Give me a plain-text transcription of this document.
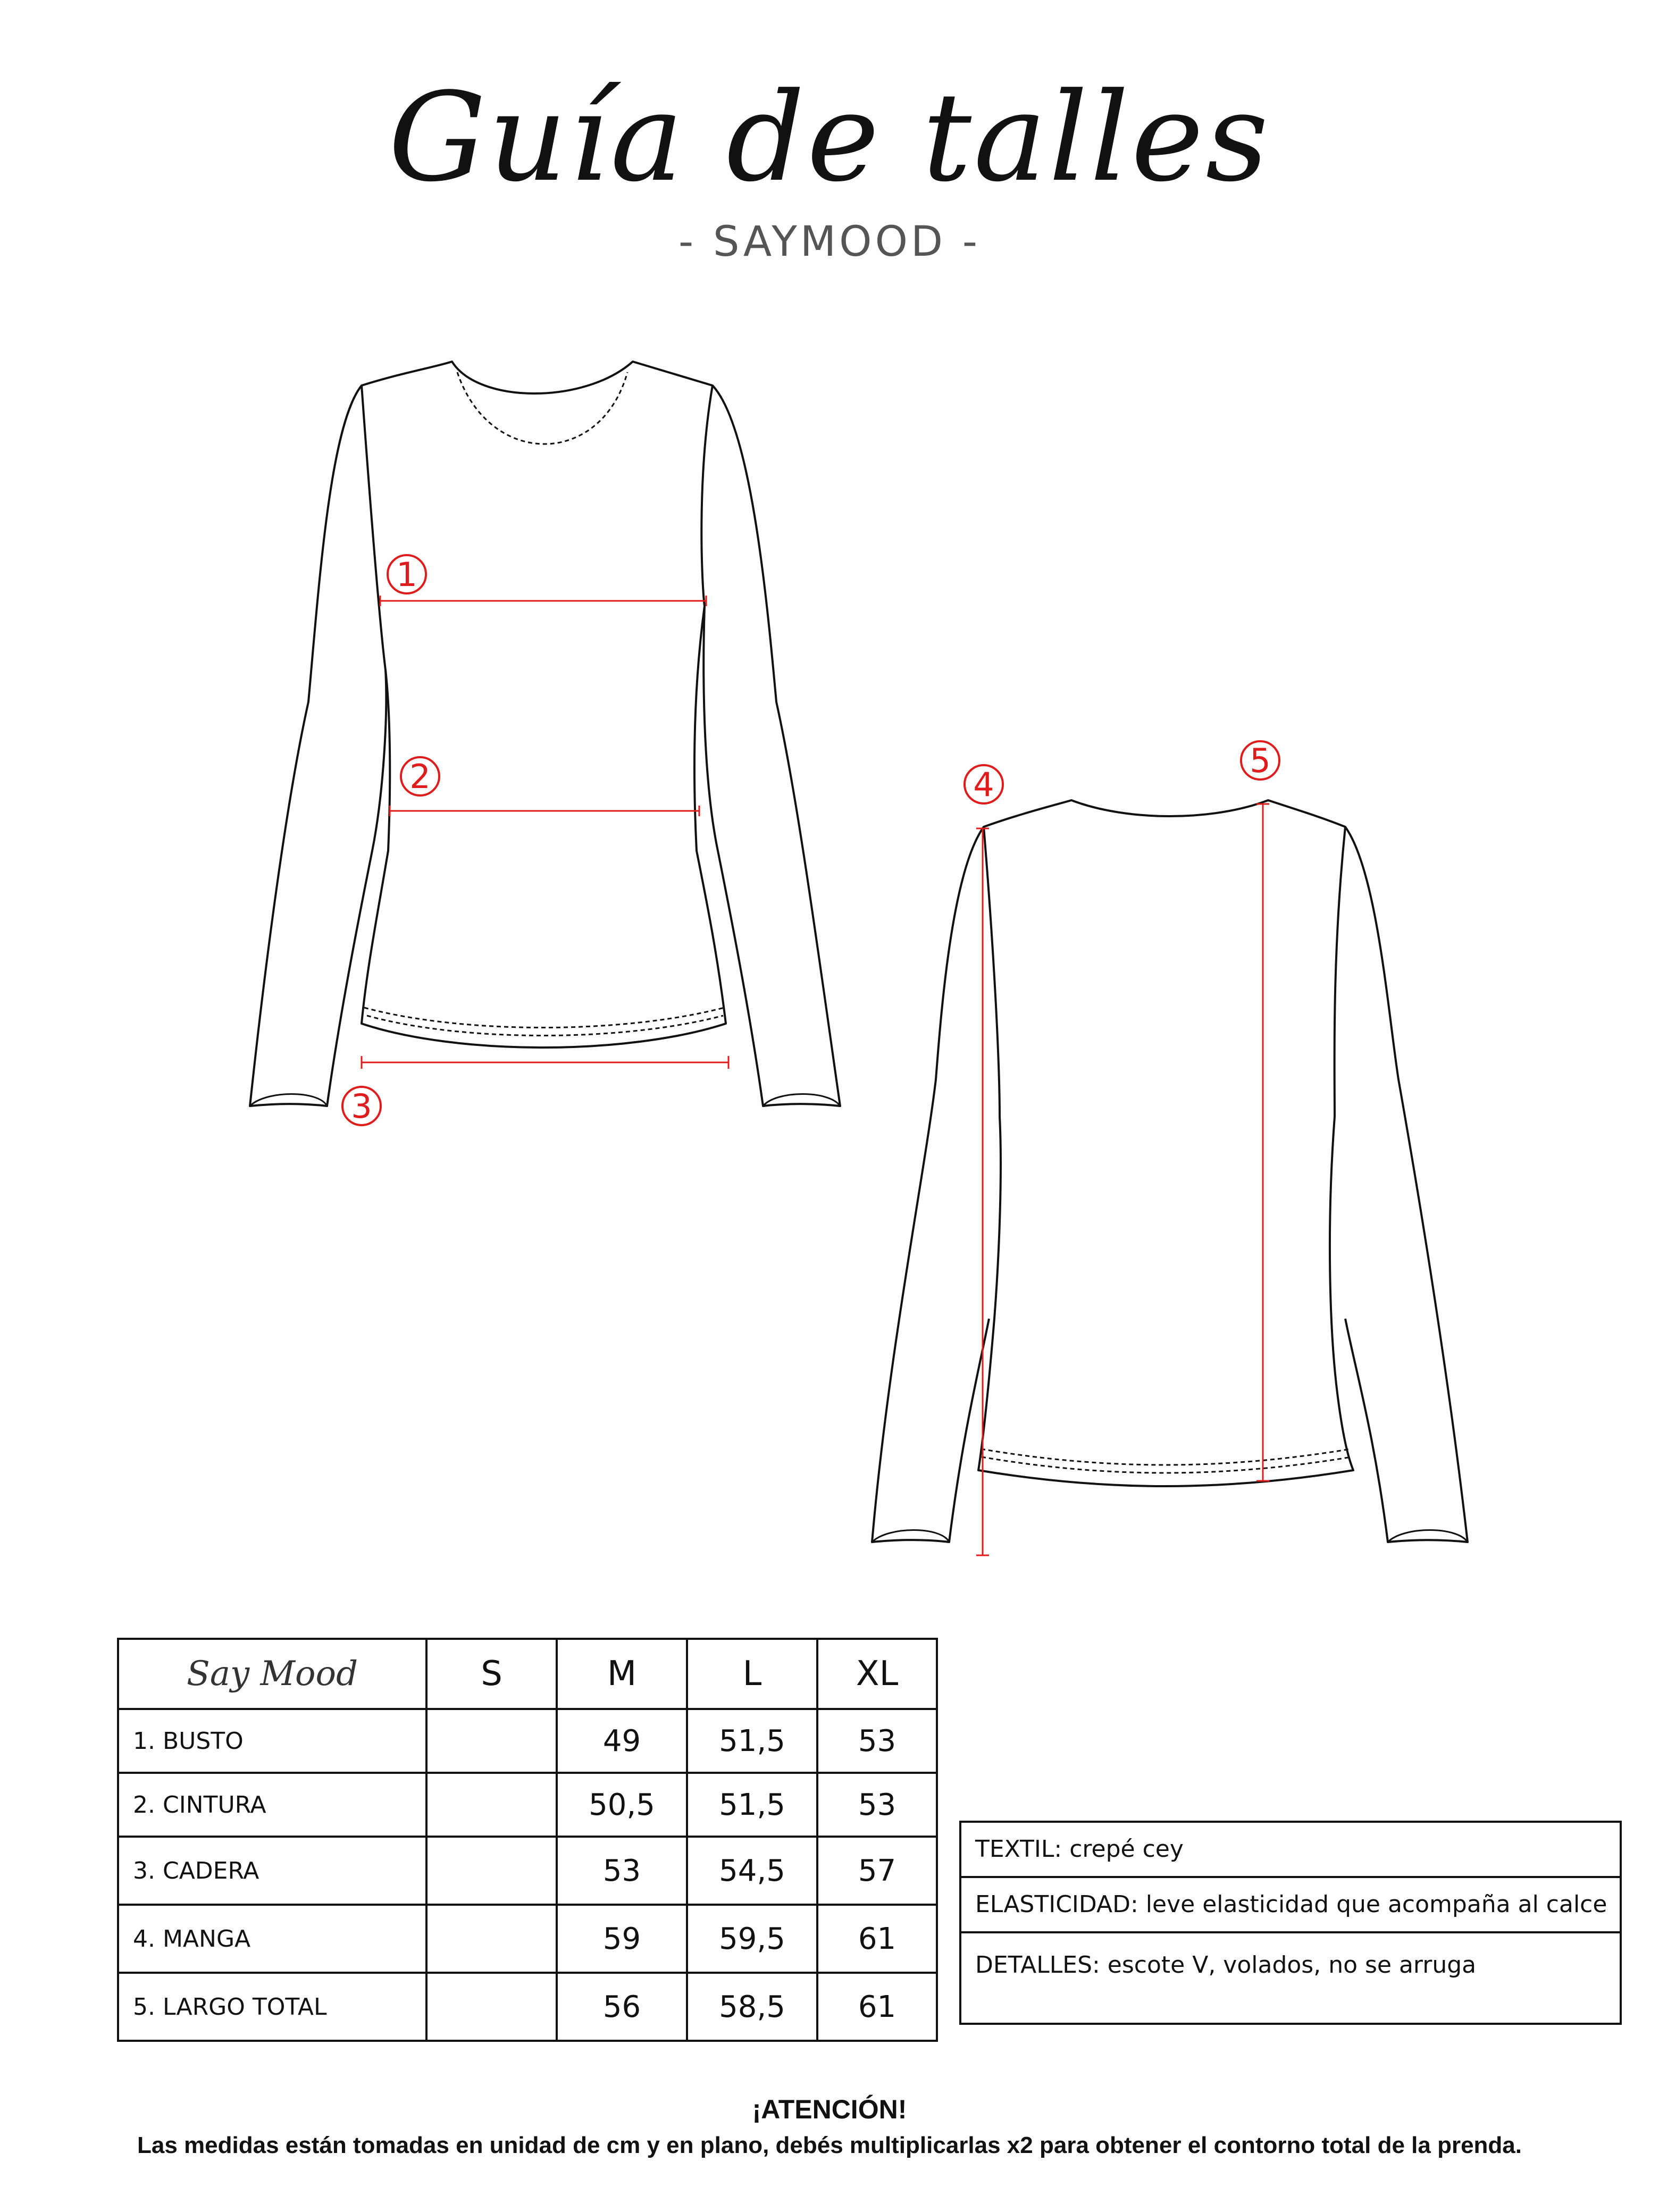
Guía de talles
- SAYMOOD -
1
2
3
4
5
Say Mood	S	M	L	XL
1. BUSTO		49	51,5	53
2. CINTURA		50,5	51,5	53
3. CADERA		53	54,5	57
4. MANGA		59	59,5	61
5. LARGO TOTAL		56	58,5	61
TEXTIL: crepé cey
ELASTICIDAD: leve elasticidad que acompaña al calce
DETALLES: escote V, volados, no se arruga
¡ATENCIÓN!
Las medidas están tomadas en unidad de cm y en plano, debés multiplicarlas x2 para obtener el contorno total de la prenda.
